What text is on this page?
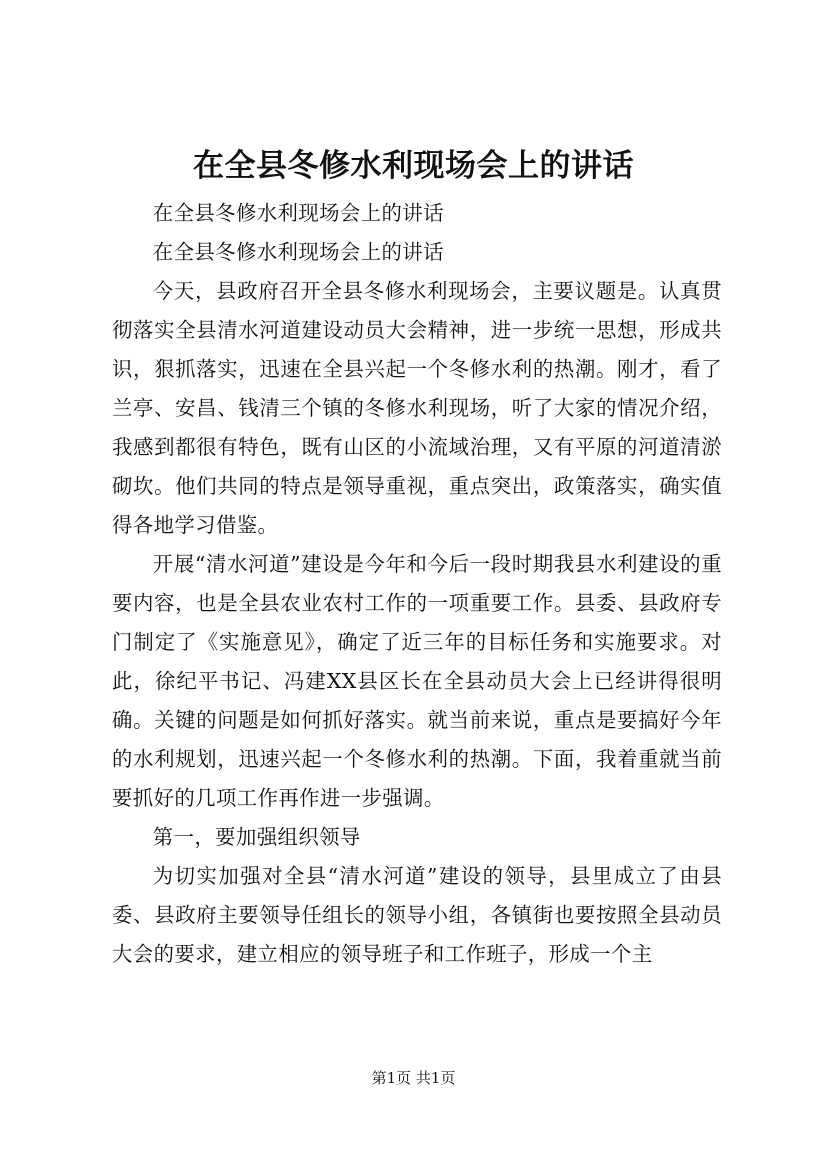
在全县冬修水利现场会上的讲话

在全县冬修水利现场会上的讲话

在全县冬修水利现场会上的讲话

今天，县政府召开全县冬修水利现场会，主要议题是。认真贯彻落实全县清水河道建设动员大会精神，进一步统一思想，形成共识，狠抓落实，迅速在全县兴起一个冬修水利的热潮。刚才，看了兰亭、安昌、钱清三个镇的冬修水利现场，听了大家的情况介绍，我感到都很有特色，既有山区的小流域治理，又有平原的河道清淤砌坎。他们共同的特点是领导重视，重点突出，政策落实，确实值得各地学习借鉴。

开展“清水河道”建设是今年和今后一段时期我县水利建设的重要内容，也是全县农业农村工作的一项重要工作。县委、县政府专门制定了《实施意见》，确定了近三年的目标任务和实施要求。对此，徐纪平书记、冯建XX县区长在全县动员大会上已经讲得很明确。关键的问题是如何抓好落实。就当前来说，重点是要搞好今年的水利规划，迅速兴起一个冬修水利的热潮。下面，我着重就当前要抓好的几项工作再作进一步强调。

第一，要加强组织领导

为切实加强对全县“清水河道”建设的领导，县里成立了由县委、县政府主要领导任组长的领导小组，各镇街也要按照全县动员大会的要求，建立相应的领导班子和工作班子，形成一个主

第1页 共1页
